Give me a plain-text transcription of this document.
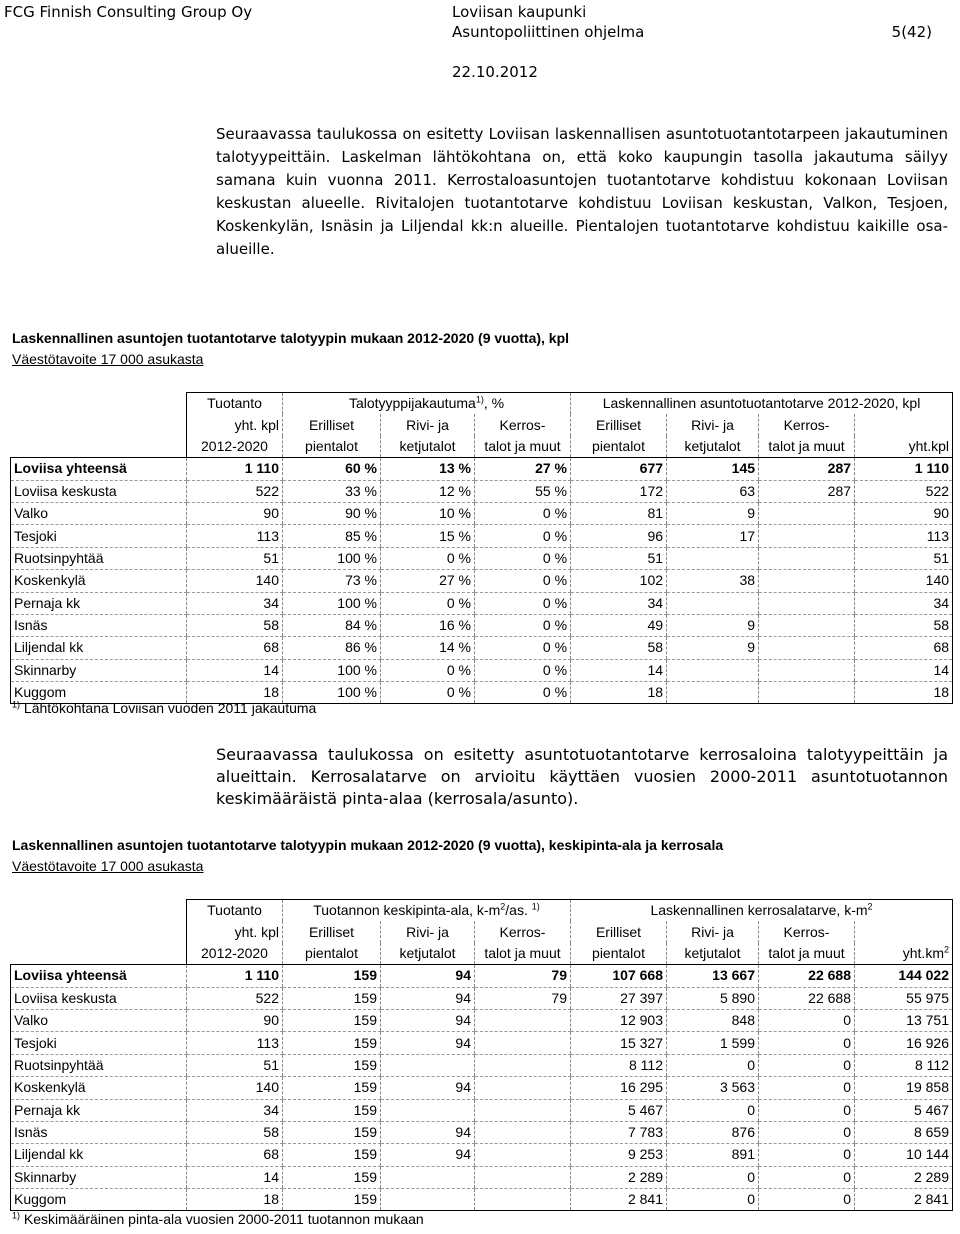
FCG Finnish Consulting Group Oy	Loviisan kaupunki
Asuntopoliittinen ohjelma	5(42)
22.10.2012

Seuraavassa taulukossa on esitetty Loviisan laskennallisen asuntotuotantotarpeen jakautuminen talotyypeittäin. Laskelman lähtökohtana on, että koko kaupungin tasolla jakautuma säilyy samana kuin vuonna 2011. Kerrostaloasuntojen tuotantotarve kohdistuu kokonaan Loviisan keskustan alueelle. Rivitalojen tuotantotarve kohdistuu Loviisan keskustan, Valkon, Tesjoen, Koskenkylän, Isnäsin ja Liljendal kk:n alueille. Pientalojen tuotantotarve kohdistuu kaikille osa-alueille.

Laskennallinen asuntojen tuotantotarve talotyypin mukaan 2012-2020 (9 vuotta), kpl
Väestötavoite 17 000 asukasta
	Tuotanto	Talotyyppijakautuma$^{1)}$, %			Laskennallinen asuntotuotantotarve 2012-2020, kpl			
	yht. kpl	Erilliset	Rivi- ja	Kerros-	Erilliset	Rivi- ja	Kerros-	
	2012-2020	pientalot	ketjutalot	talot ja muut	pientalot	ketjutalot	talot ja muut	yht.kpl
Loviisa yhteensä	1 110	60 %	13 %	27 %	677	145	287	1 110
Loviisa keskusta	522	33 %	12 %	55 %	172	63	287	522
Valko	90	90 %	10 %	0 %	81	9		90
Tesjoki	113	85 %	15 %	0 %	96	17		113
Ruotsinpyhtää	51	100 %	0 %	0 %	51			51
Koskenkylä	140	73 %	27 %	0 %	102	38		140
Pernaja kk	34	100 %	0 %	0 %	34			34
Isnäs	58	84 %	16 %	0 %	49	9		58
Liljendal kk	68	86 %	14 %	0 %	58	9		68
Skinnarby	14	100 %	0 %	0 %	14			14
Kuggom	18	100 %	0 %	0 %	18			18
$^{1)}$ Lähtökohtana Loviisan vuoden 2011 jakautuma

Seuraavassa taulukossa on esitetty asuntotuotantotarve kerrosaloina talotyypeittäin ja alueittain. Kerrosalatarve on arvioitu käyttäen vuosien 2000-2011 asuntotuotannon keskimääräistä pinta-alaa (kerrosala/asunto).

Laskennallinen asuntojen tuotantotarve talotyypin mukaan 2012-2020 (9 vuotta), keskipinta-ala ja kerrosala
Väestötavoite 17 000 asukasta
	Tuotanto	Tuotannon keskipinta-ala, $k-m^2/as$. $^{1)}$			Laskennallinen kerrosalatarve, $k-m^2$
	yht. kpl	Erilliset	Rivi- ja	Kerros-	Erilliset	Rivi- ja	Kerros-	
	2012-2020	pientalot	ketjutalot	talot ja muut	pientalot	ketjutalot	talot ja muut	$yht.km^2$
Loviisa yhteensä	1 110	159	94	79	107 668	13 667	22 688	144 022
Loviisa keskusta	522	159	94	79	27 397	5 890	22 688	55 975
Valko	90	159	94		12 903	848	0	13 751
Tesjoki	113	159	94		15 327	1 599	0	16 926
Ruotsinpyhtää	51	159			8 112	0	0	8 112
Koskenkylä	140	159	94		16 295	3 563	0	19 858
Pernaja kk	34	159			5 467	0	0	5 467
Isnäs	58	159	94		7 783	876	0	8 659
Liljendal kk	68	159	94		9 253	891	0	10 144
Skinnarby	14	159			2 289	0	0	2 289
Kuggom	18	159			2 841	0	0	2 841
$^{1)}$ Keskimääräinen pinta-ala vuosien 2000-2011 tuotannon mukaan
